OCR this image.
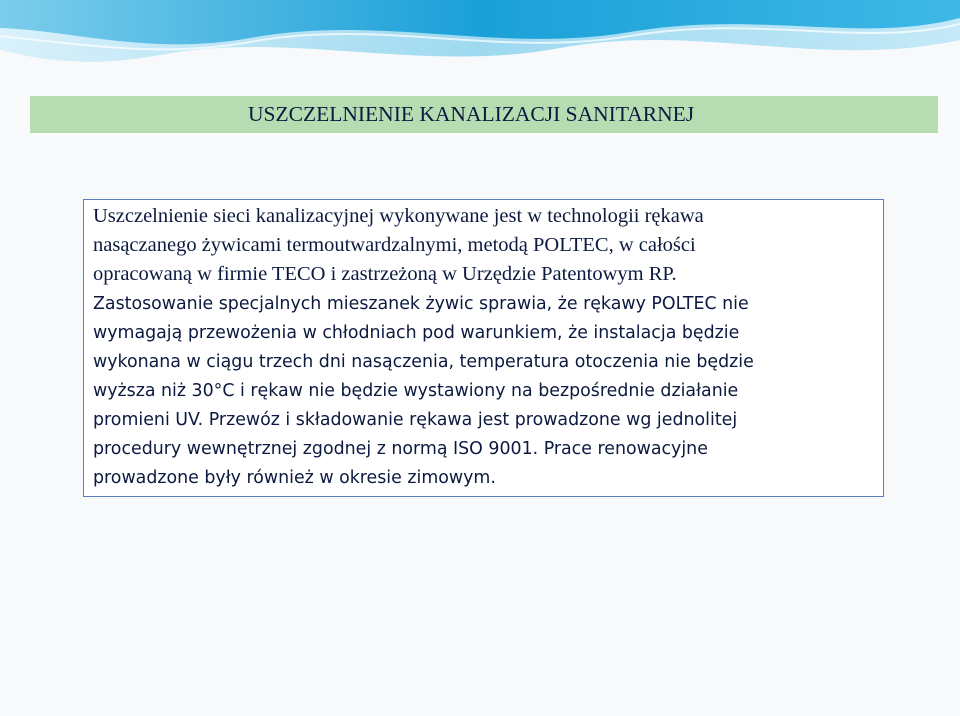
USZCZELNIENIE KANALIZACJI SANITARNEJ
Uszczelnienie sieci kanalizacyjnej wykonywane jest w technologii rękawa
nasączanego żywicami termoutwardzalnymi, metodą POLTEC, w całości
opracowaną w firmie TECO i zastrzeżoną w Urzędzie Patentowym RP.
Zastosowanie specjalnych mieszanek żywic sprawia, że rękawy POLTEC nie
wymagają przewożenia w chłodniach pod warunkiem, że instalacja będzie
wykonana w ciągu trzech dni nasączenia, temperatura otoczenia nie będzie
wyższa niż 30°C i rękaw nie będzie wystawiony na bezpośrednie działanie
promieni UV. Przewóz i składowanie rękawa jest prowadzone wg jednolitej
procedury wewnętrznej zgodnej z normą ISO 9001. Prace renowacyjne
prowadzone były również w okresie zimowym.
